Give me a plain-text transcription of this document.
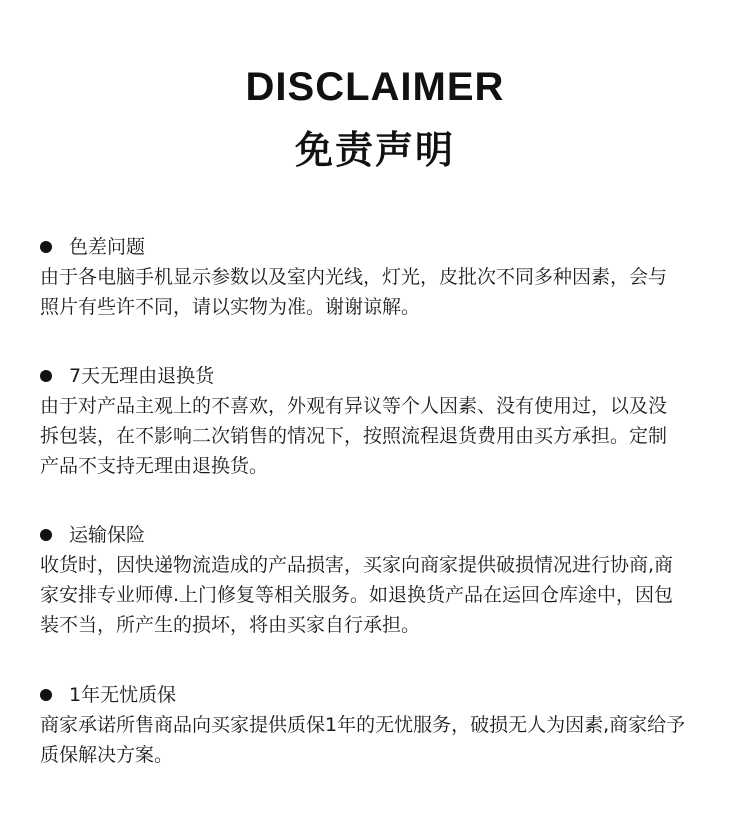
DISCLAIMER
免责声明
色差问题

由于各电脑手机显示参数以及室内光线，灯光，皮批次不同多种因素，会与
照片有些许不同，请以实物为准。谢谢谅解。

7天无理由退换货

由于对产品主观上的不喜欢，外观有异议等个人因素、没有使用过，以及没
拆包装，在不影响二次销售的情况下，按照流程退货费用由买方承担。定制
产品不支持无理由退换货。

运输保险

收货时，因快递物流造成的产品损害，买家向商家提供破损情况进行协商,商
家安排专业师傅.上门修复等相关服务。如退换货产品在运回仓库途中，因包
装不当，所产生的损坏，将由买家自行承担。

1年无忧质保

商家承诺所售商品向买家提供质保1年的无忧服务，破损无人为因素,商家给予
质保解决方案。
